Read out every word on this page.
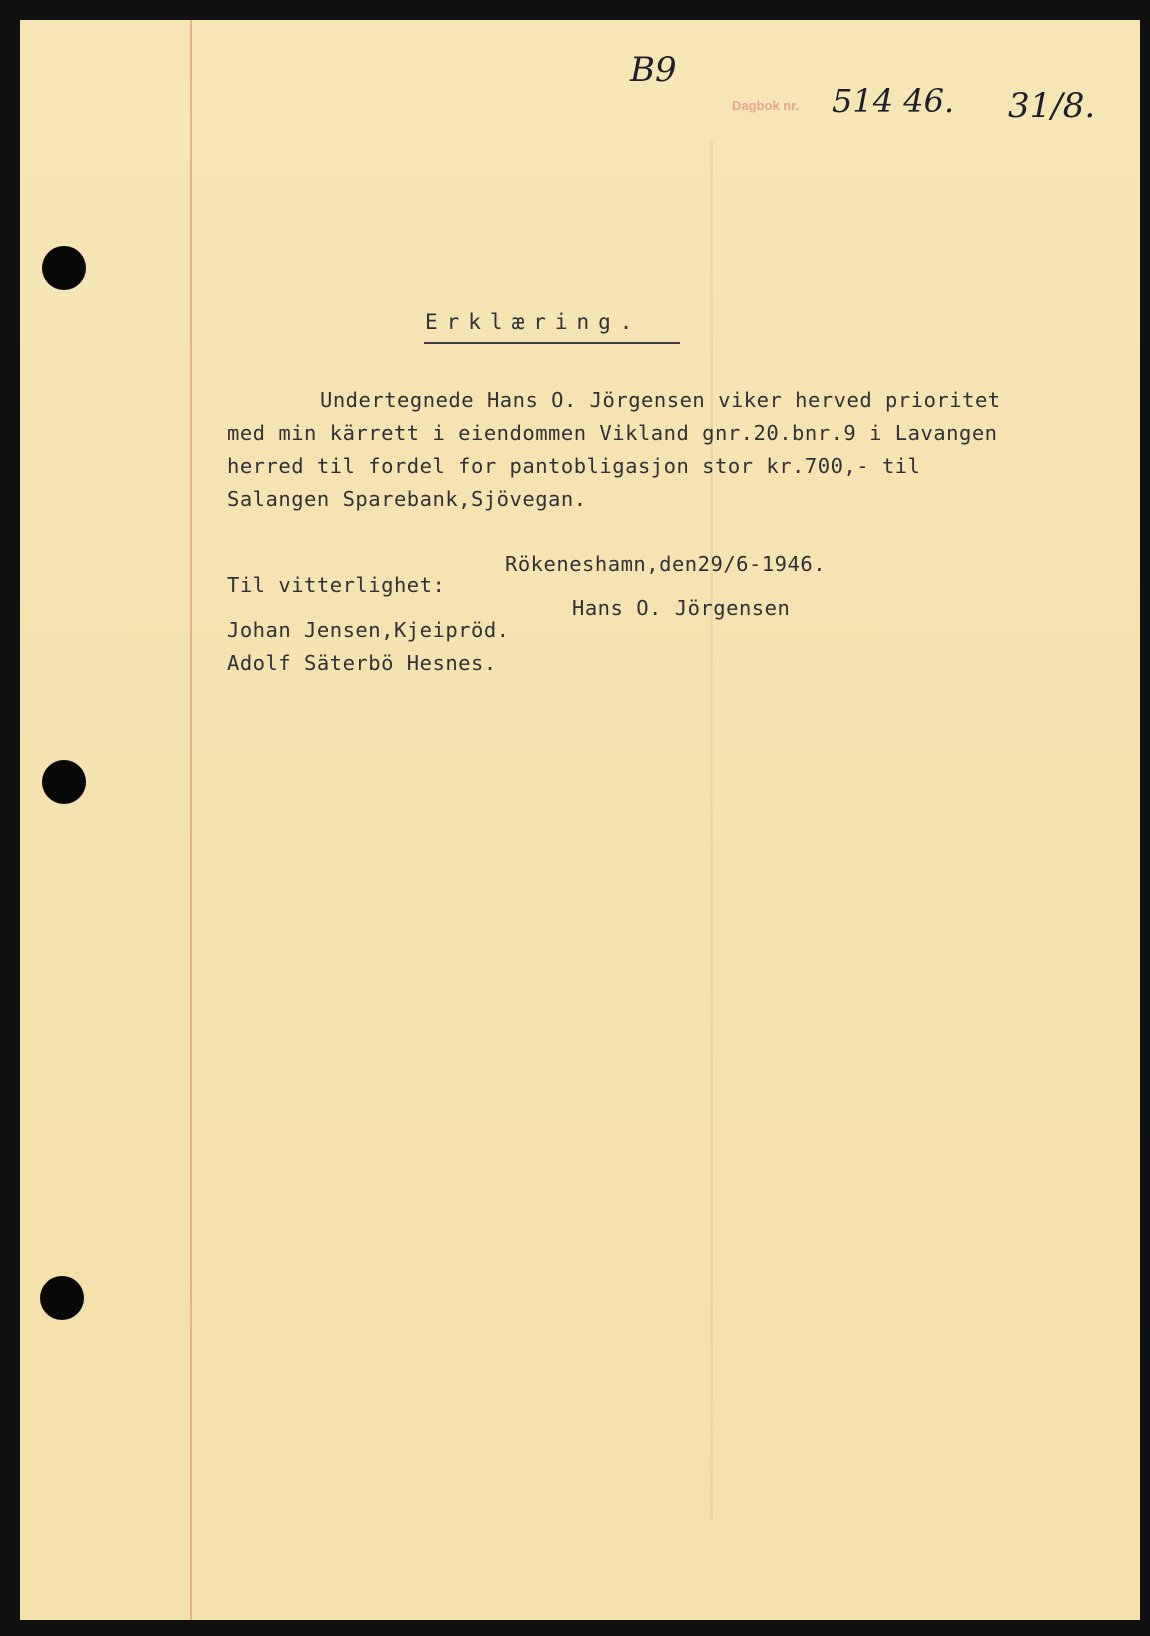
B9
Dagbok nr. 514 46. 31/8.
Erklæring.
Undertegnede Hans O. Jörgensen viker herved prioritet
med min kärrett i eiendommen Vikland gnr.20.bnr.9 i Lavangen
herred til fordel for pantobligasjon stor kr.700,- til
Salangen Sparebank,Sjövegan.
Rökeneshamn,den29/6-1946.
Til vitterlighet:
Hans O. Jörgensen
Johan Jensen,Kjeipröd.
Adolf Säterbö Hesnes.
